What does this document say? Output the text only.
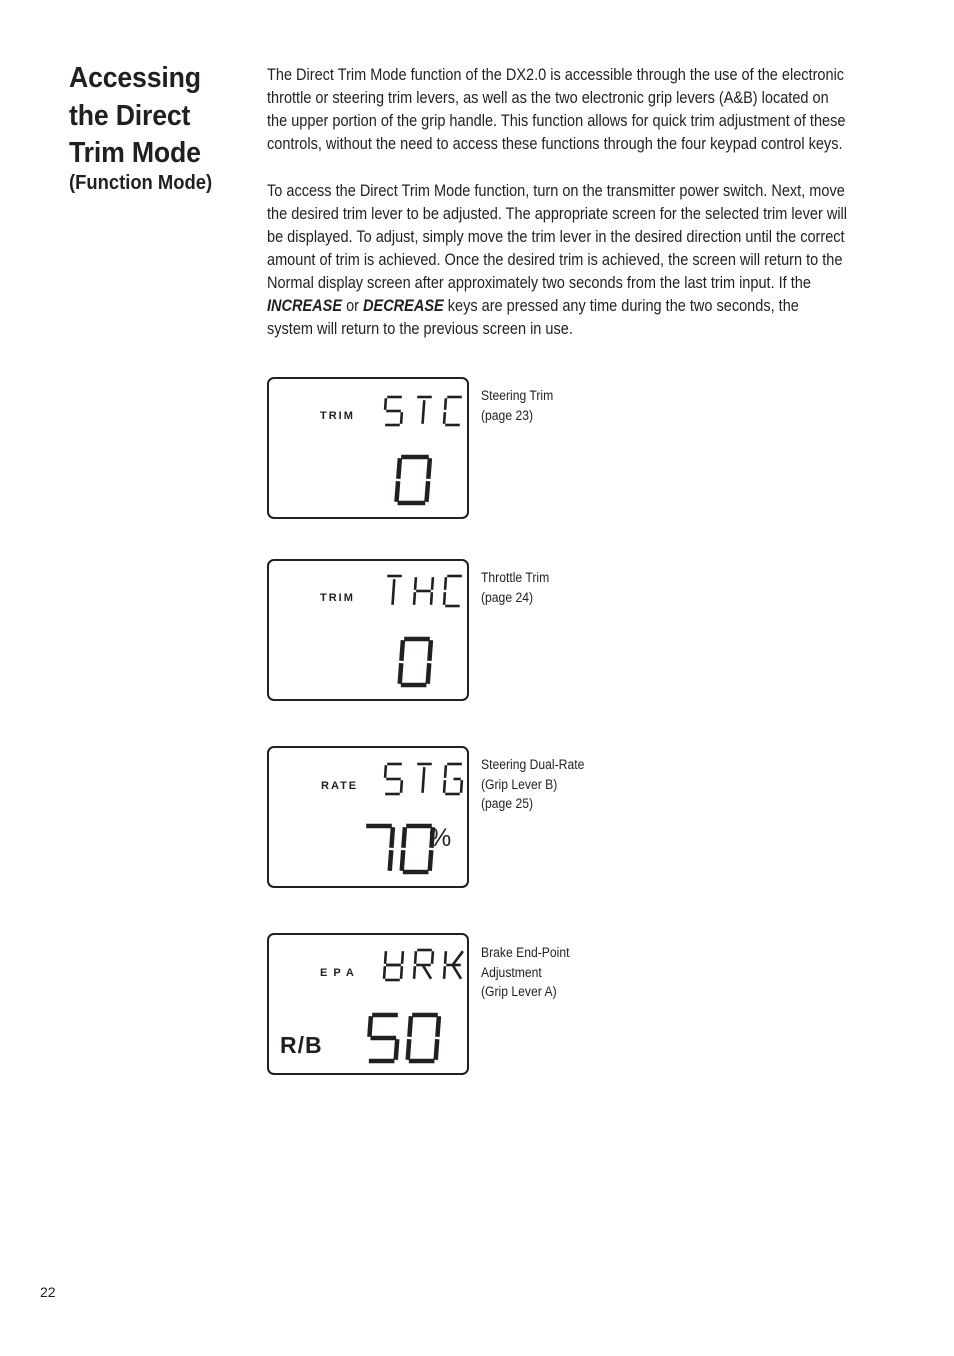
Accessing the Direct Trim Mode
(Function Mode)

The Direct Trim Mode function of the DX2.0 is accessible through the use of the electronic throttle or steering trim levers, as well as the two electronic grip levers (A&B) located on the upper portion of the grip handle. This function allows for quick trim adjustment of these controls, without the need to access these functions through the four keypad control keys.

To access the Direct Trim Mode function, turn on the transmitter power switch. Next, move the desired trim lever to be adjusted. The appropriate screen for the selected trim lever will be displayed. To adjust, simply move the trim lever in the desired direction until the correct amount of trim is achieved. Once the desired trim is achieved, the screen will return to the Normal display screen after approximately two seconds from the last trim input. If the
INCREASE or DECREASE keys are pressed any time during the two seconds, the system will return to the previous screen in use.

TRIM
Steering Trim
(page 23)
TRIM
Throttle Trim
(page 24)
RATE
%
Steering Dual-Rate
(Grip Lever B)
(page 25)
EPA
R/B
Brake End-Point
Adjustment
(Grip Lever A)
22
